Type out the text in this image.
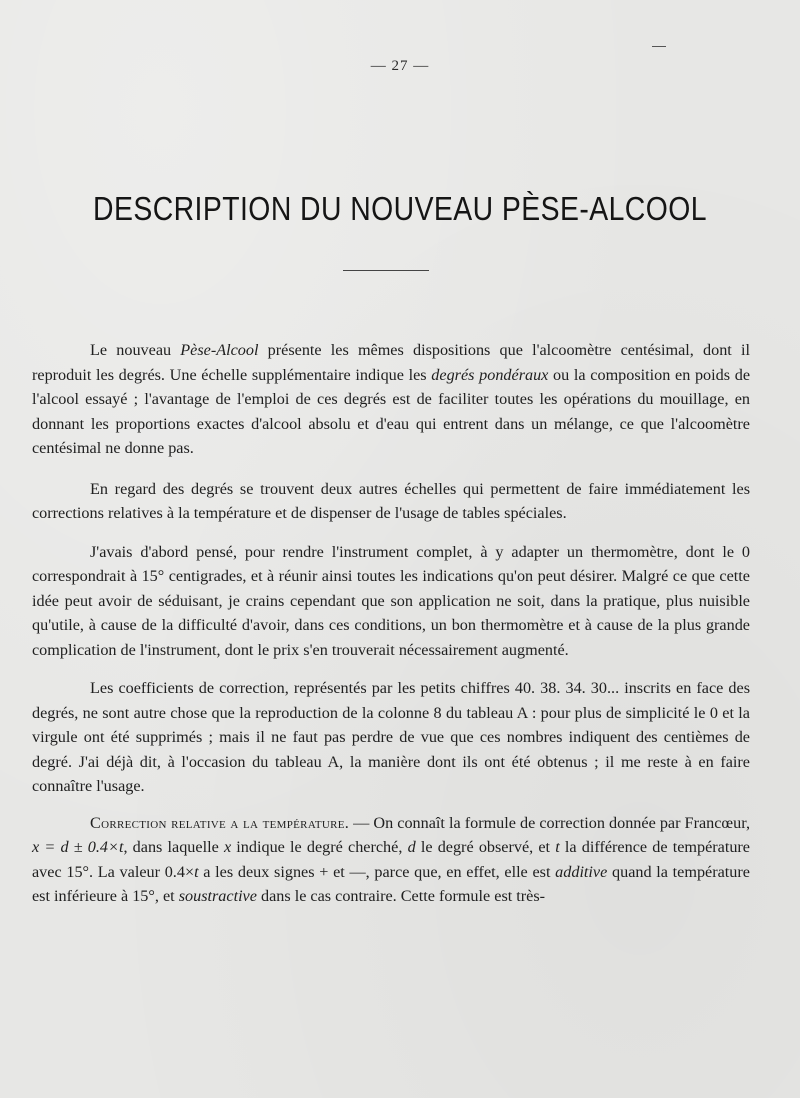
— 27 —
DESCRIPTION DU NOUVEAU PÈSE-ALCOOL

Le nouveau Pèse-Alcool présente les mêmes dispositions que l'alcoomètre centésimal, dont il reproduit les degrés. Une échelle supplémentaire indique les degrés pondéraux ou la composition en poids de l'alcool essayé ; l'avantage de l'emploi de ces degrés est de faciliter toutes les opérations du mouillage, en donnant les proportions exactes d'alcool absolu et d'eau qui entrent dans un mélange, ce que l'alcoomètre centésimal ne donne pas.

En regard des degrés se trouvent deux autres échelles qui permettent de faire immédiatement les corrections relatives à la température et de dispenser de l'usage de tables spéciales.

J'avais d'abord pensé, pour rendre l'instrument complet, à y adapter un thermomètre, dont le 0 correspondrait à 15° centigrades, et à réunir ainsi toutes les indications qu'on peut désirer. Malgré ce que cette idée peut avoir de séduisant, je crains cependant que son application ne soit, dans la pratique, plus nuisible qu'utile, à cause de la difficulté d'avoir, dans ces conditions, un bon thermomètre et à cause de la plus grande complication de l'instrument, dont le prix s'en trouverait nécessairement augmenté.

Les coefficients de correction, représentés par les petits chiffres 40. 38. 34. 30... inscrits en face des degrés, ne sont autre chose que la reproduction de la colonne 8 du tableau A : pour plus de simplicité le 0 et la virgule ont été supprimés ; mais il ne faut pas perdre de vue que ces nombres indiquent des centièmes de degré. J'ai déjà dit, à l'occasion du tableau A, la manière dont ils ont été obtenus ; il me reste à en faire connaître l'usage.

Correction relative a la température. — On connaît la formule de correction donnée par Francœur, x = d ± 0.4×t, dans laquelle x indique le degré cherché, d le degré observé, et t la différence de température avec 15°. La valeur 0.4×t a les deux signes + et —, parce que, en effet, elle est additive quand la température est inférieure à 15°, et soustractive dans le cas contraire. Cette formule est très-
